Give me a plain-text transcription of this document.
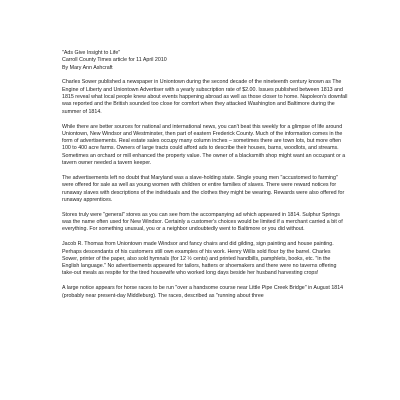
"Ads Give Insight to Life"

Carroll County Times article for 11 April 2010

By Mary Ann Ashcraft

Charles Sower published a newspaper in Uniontown during the second decade of the nineteenth century known as The Engine of Liberty and Uniontown Advertiser with a yearly subscription rate of $2.00. Issues published between 1813 and 1815 reveal what local people knew about events happening abroad as well as those closer to home. Napoleon's downfall was reported and the British sounded too close for comfort when they attacked Washington and Baltimore during the summer of 1814.

While there are better sources for national and international news, you can't beat this weekly for a glimpse of life around Uniontown, New Windsor and Westminster, then part of eastern Frederick County. Much of the information comes in the form of advertisements. Real estate sales occupy many column inches – sometimes there are town lots, but more often 100 to 400 acre farms. Owners of large tracts could afford ads to describe their houses, barns, woodlots, and streams. Sometimes an orchard or mill enhanced the property value. The owner of a blacksmith shop might want an occupant or a tavern owner needed a tavern keeper.

The advertisements left no doubt that Maryland was a slave-holding state. Single young men "accustomed to farming" were offered for sale as well as young women with children or entire families of slaves. There were reward notices for runaway slaves with descriptions of the individuals and the clothes they might be wearing. Rewards were also offered for runaway apprentices.

Stores truly were "general" stores as you can see from the accompanying ad which appeared in 1814. Sulphur Springs was the name often used for New Windsor. Certainly a customer's choices would be limited if a merchant carried a bit of everything. For something unusual, you or a neighbor undoubtedly went to Baltimore or you did without.

Jacob R. Thomas from Uniontown made Windsor and fancy chairs and did gilding, sign painting and house painting. Perhaps descendants of his customers still own examples of his work. Henry Willis sold flour by the barrel. Charles Sower, printer of the paper, also sold hymnals (for 12 ½ cents) and printed handbills, pamphlets, books, etc. "in the English language." No advertisements appeared for tailors, hatters or shoemakers and there were no taverns offering take-out meals as respite for the tired housewife who worked long days beside her husband harvesting crops!

A large notice appears for horse races to be run "over a handsome course near Little Pipe Creek Bridge" in August 1814 (probably near present-day Middleburg). The races, described as "running about three
